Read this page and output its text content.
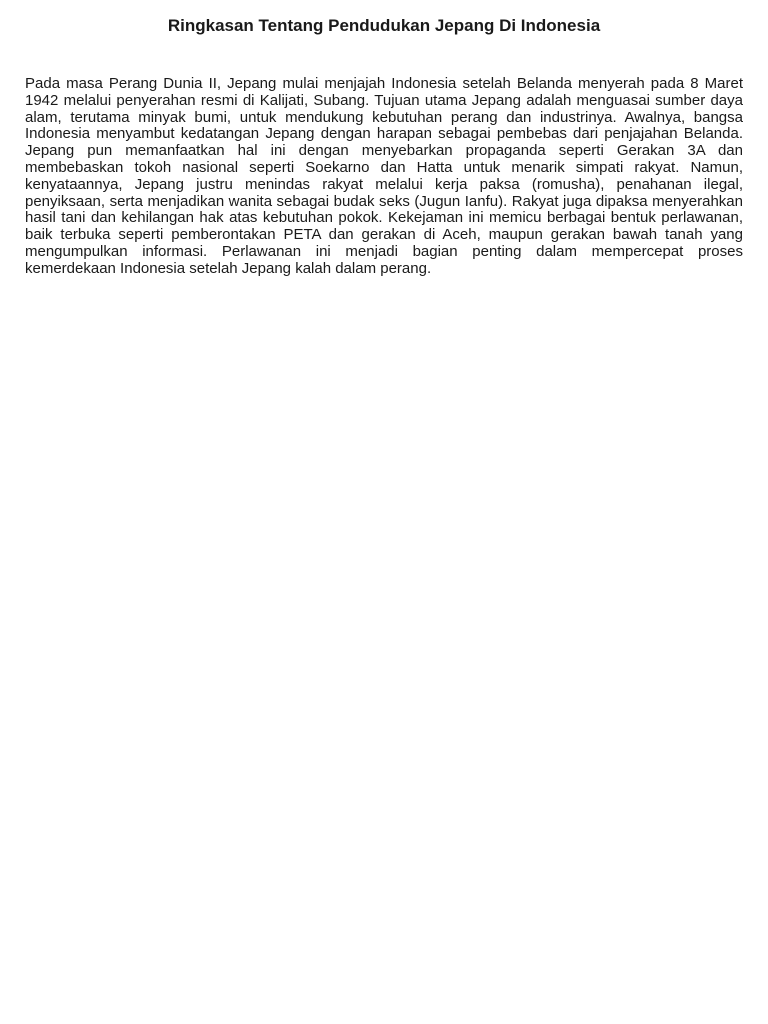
Ringkasan Tentang Pendudukan Jepang Di Indonesia

Pada masa Perang Dunia II, Jepang mulai menjajah Indonesia setelah Belanda menyerah pada 8 Maret 1942 melalui penyerahan resmi di Kalijati, Subang. Tujuan utama Jepang adalah menguasai sumber daya alam, terutama minyak bumi, untuk mendukung kebutuhan perang dan industrinya. Awalnya, bangsa Indonesia menyambut kedatangan Jepang dengan harapan sebagai pembebas dari penjajahan Belanda. Jepang pun memanfaatkan hal ini dengan menyebarkan propaganda seperti Gerakan 3A dan membebaskan tokoh nasional seperti Soekarno dan Hatta untuk menarik simpati rakyat. Namun, kenyataannya, Jepang justru menindas rakyat melalui kerja paksa (romusha), penahanan ilegal, penyiksaan, serta menjadikan wanita sebagai budak seks (Jugun Ianfu). Rakyat juga dipaksa menyerahkan hasil tani dan kehilangan hak atas kebutuhan pokok. Kekejaman ini memicu berbagai bentuk perlawanan, baik terbuka seperti pemberontakan PETA dan gerakan di Aceh, maupun gerakan bawah tanah yang mengumpulkan informasi. Perlawanan ini menjadi bagian penting dalam mempercepat proses kemerdekaan Indonesia setelah Jepang kalah dalam perang.
